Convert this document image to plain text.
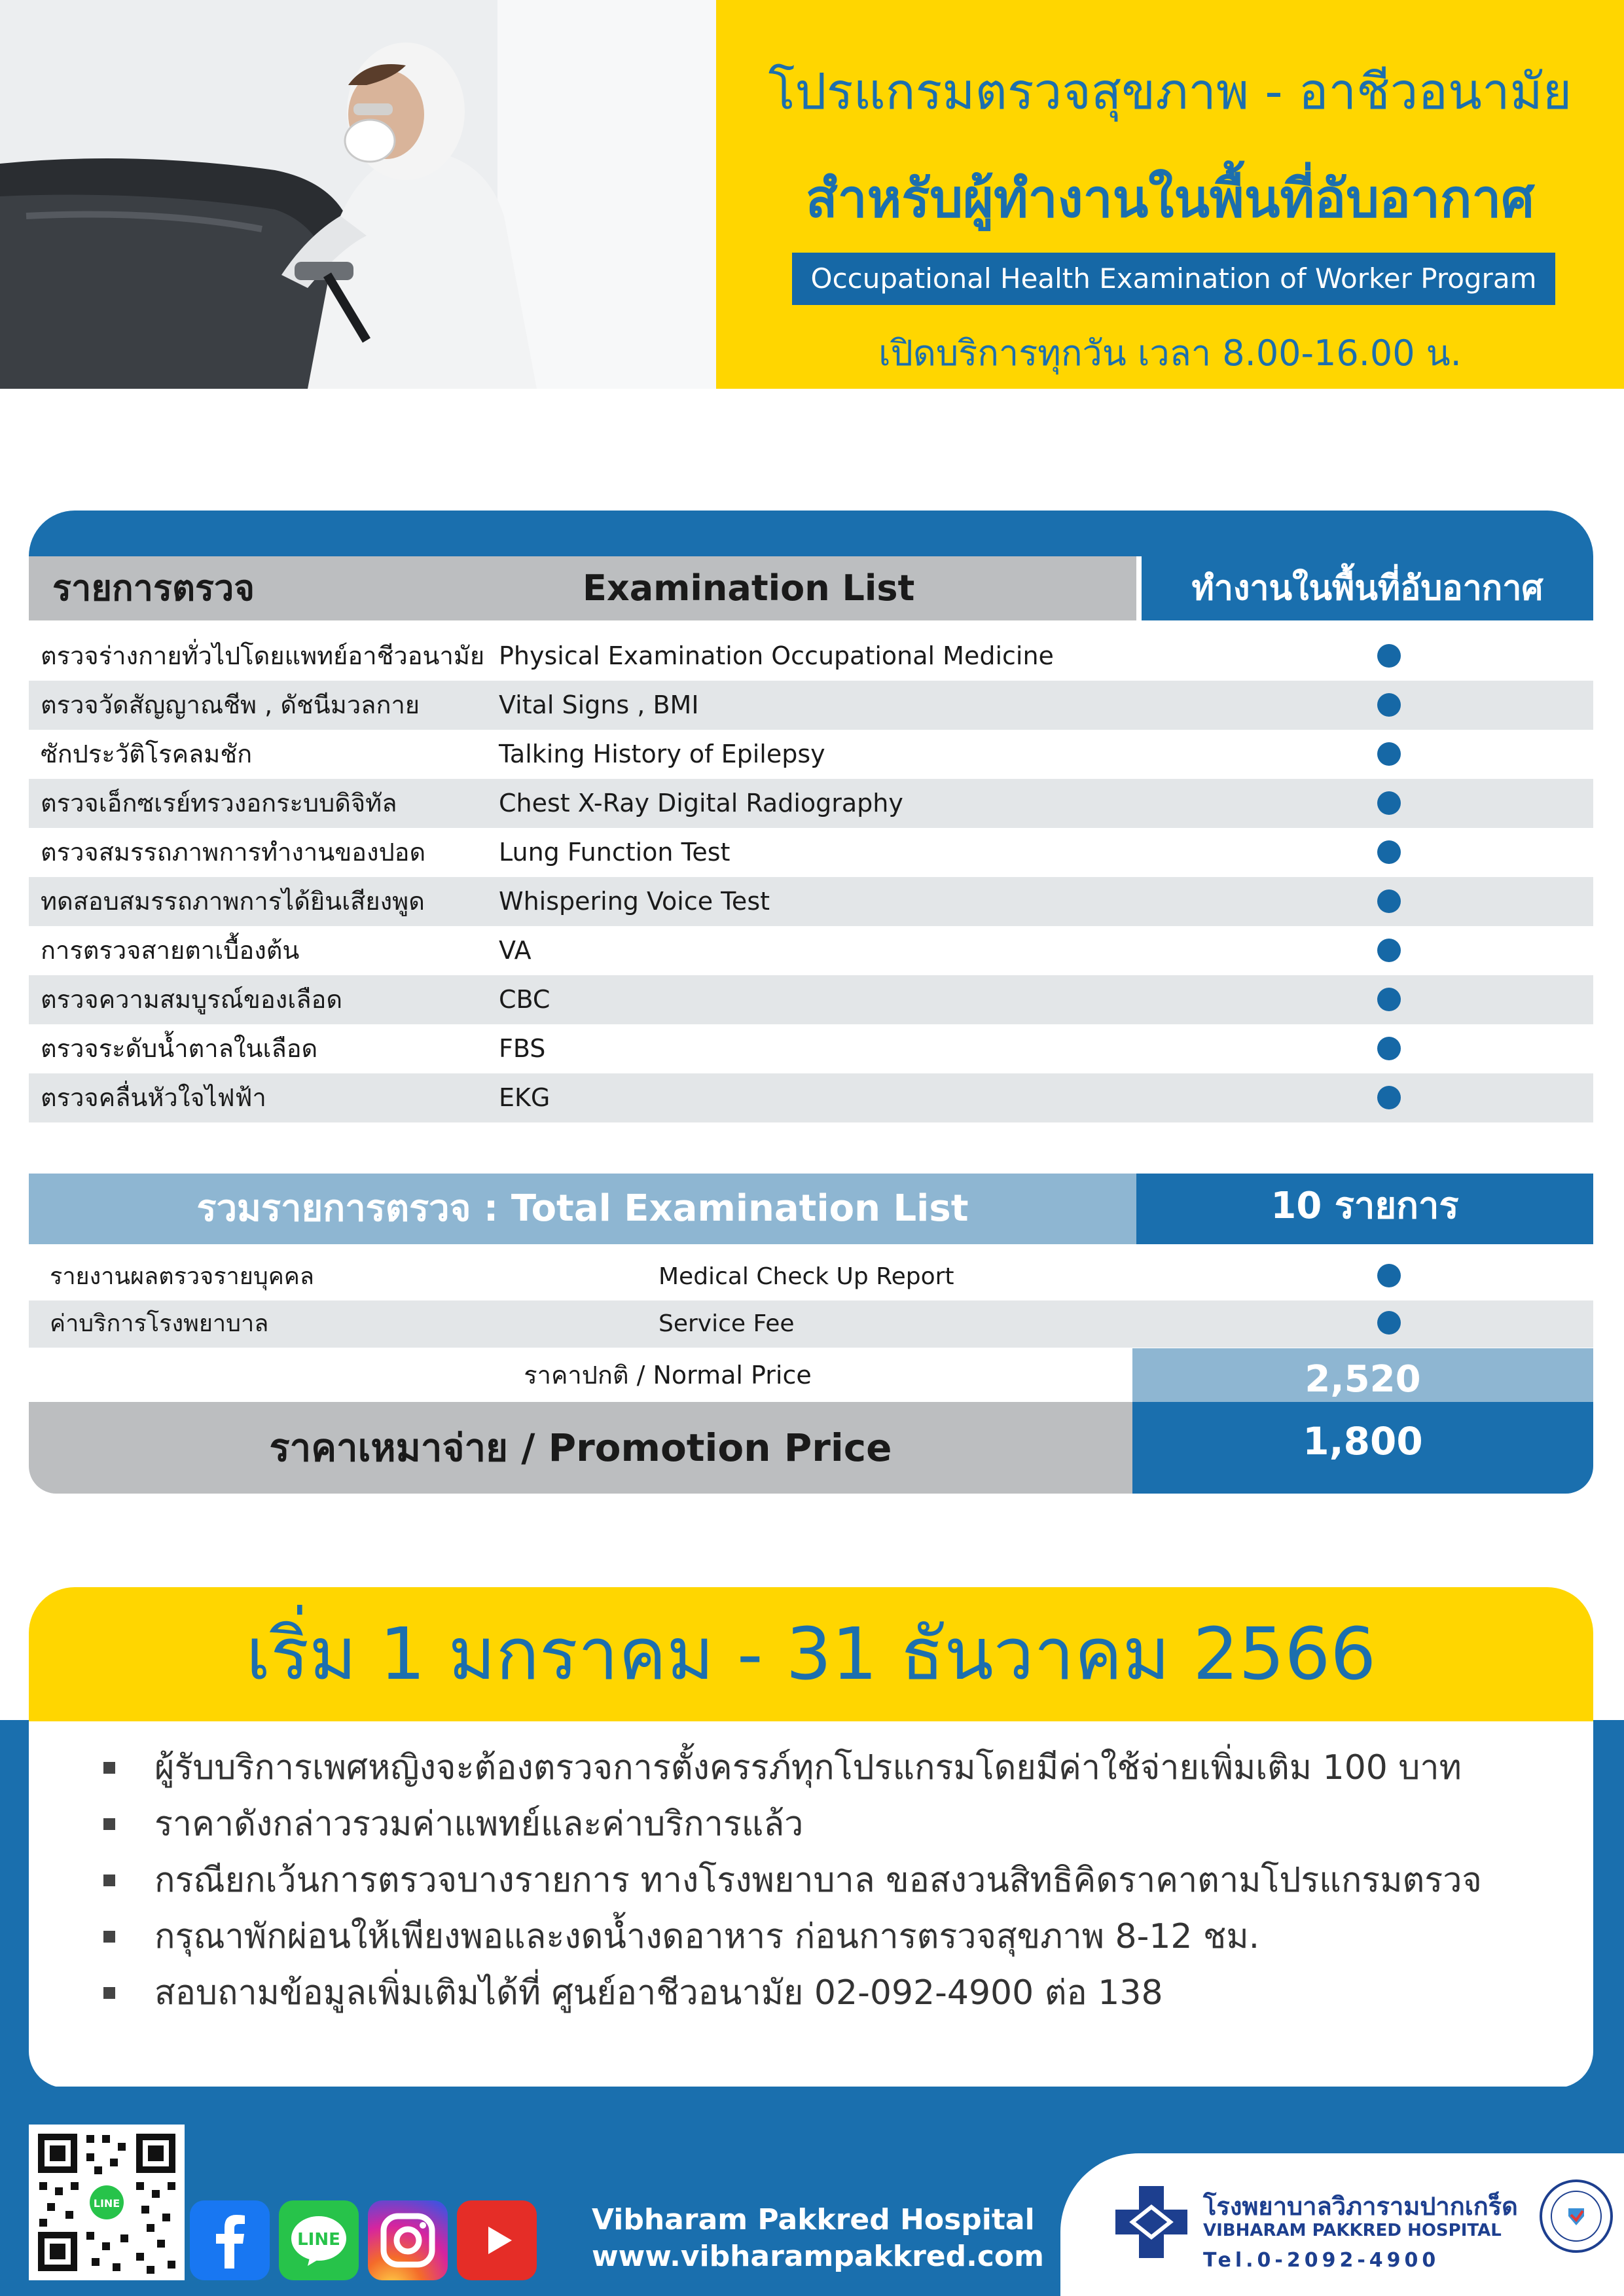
โปรแกรมตรวจสุขภาพ - อาชีวอนามัย
สำหรับผู้ทำงานในพื้นที่อับอากาศ
Occupational Health Examination of Worker Program
เปิดบริการทุกวัน เวลา 8.00-16.00 น.
รายการตรวจ	Examination List	ทำงานในพื้นที่อับอากาศ
ตรวจร่างกายทั่วไปโดยแพทย์อาชีวอนามัย Physical Examination Occupational Medicine
ตรวจวัดสัญญาณชีพ , ดัชนีมวลกาย	Vital Signs , BMI
ซักประวัติโรคลมชัก	Talking History of Epilepsy
ตรวจเอ็กซเรย์ทรวงอกระบบดิจิทัล	Chest X-Ray Digital Radiography
ตรวจสมรรถภาพการทำงานของปอด	Lung Function Test
ทดสอบสมรรถภาพการได้ยินเสียงพูด	Whispering Voice Test
การตรวจสายตาเบื้องต้น	VA
ตรวจความสมบูรณ์ของเลือด	CBC
ตรวจระดับน้ำตาลในเลือด	FBS
ตรวจคลื่นหัวใจไฟฟ้า	EKG
รวมรายการตรวจ : Total Examination List	10 รายการ
รายงานผลตรวจรายบุคคล	Medical Check Up Report
ค่าบริการโรงพยาบาล	Service Fee
ราคาปกติ / Normal Price	2,520
ราคาเหมาจ่าย / Promotion Price	1,800
เริ่ม 1 มกราคม - 31 ธันวาคม 2566
ผู้รับบริการเพศหญิงจะต้องตรวจการตั้งครรภ์ทุกโปรแกรมโดยมีค่าใช้จ่ายเพิ่มเติม 100 บาท
ราคาดังกล่าวรวมค่าแพทย์และค่าบริการแล้ว
กรณียกเว้นการตรวจบางรายการ ทางโรงพยาบาล ขอสงวนสิทธิคิดราคาตามโปรแกรมตรวจ
กรุณาพักผ่อนให้เพียงพอและงดน้ำงดอาหาร ก่อนการตรวจสุขภาพ 8-12 ชม.
สอบถามข้อมูลเพิ่มเติมได้ที่ ศูนย์อาชีวอนามัย 02-092-4900 ต่อ 138
LINE
LINE
Vibharam Pakkred Hospital
www.vibharampakkred.com
โรงพยาบาลวิภารามปากเกร็ด
VIBHARAM PAKKRED HOSPITAL
Tel.0-2092-4900
